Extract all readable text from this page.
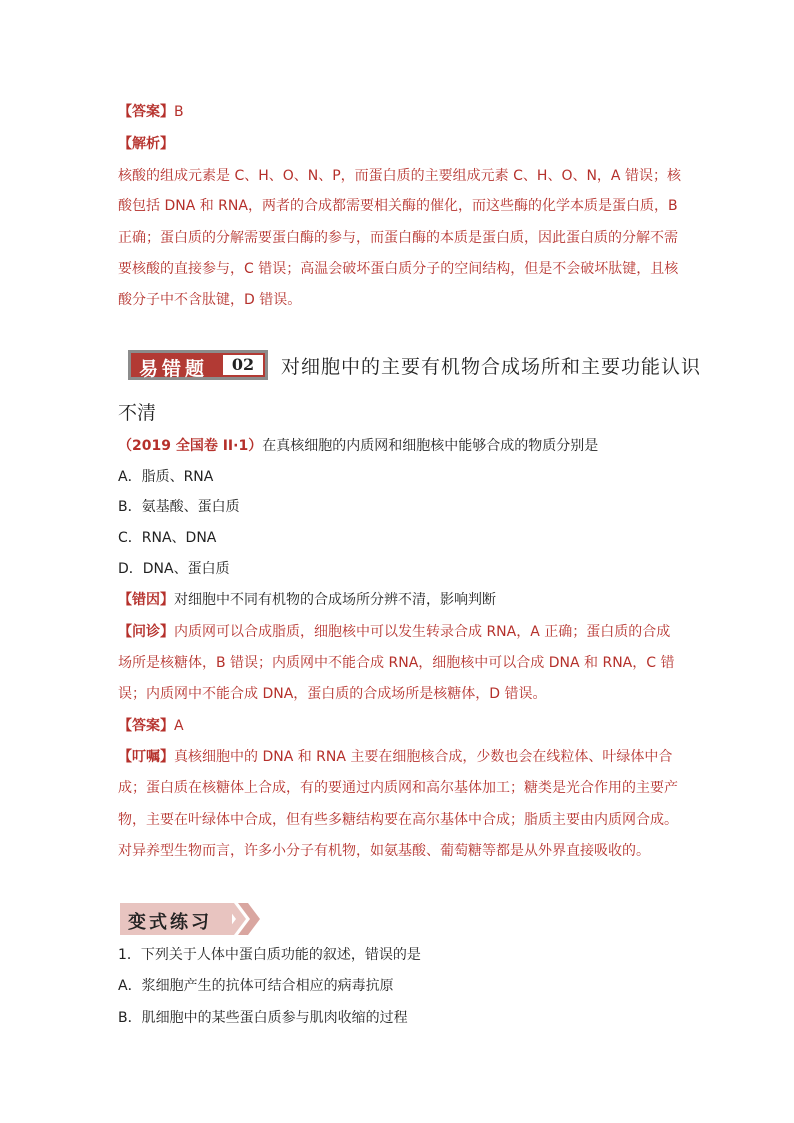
【答案】B
【解析】
核酸的组成元素是 C、H、O、N、P，而蛋白质的主要组成元素 C、H、O、N，A 错误；核
酸包括 DNA 和 RNA，两者的合成都需要相关酶的催化，而这些酶的化学本质是蛋白质，B
正确；蛋白质的分解需要蛋白酶的参与，而蛋白酶的本质是蛋白质，因此蛋白质的分解不需
要核酸的直接参与，C 错误；高温会破坏蛋白质分子的空间结构，但是不会破坏肽键，且核
酸分子中不含肽键，D 错误。
易错题	02	对细胞中的主要有机物合成场所和主要功能认识
不清
（2019 全国卷 II·1）在真核细胞的内质网和细胞核中能够合成的物质分别是
A．脂质、RNA
B．氨基酸、蛋白质
C．RNA、DNA
D．DNA、蛋白质
【错因】对细胞中不同有机物的合成场所分辨不清，影响判断
【问诊】内质网可以合成脂质，细胞核中可以发生转录合成 RNA，A 正确；蛋白质的合成
场所是核糖体，B 错误；内质网中不能合成 RNA，细胞核中可以合成 DNA 和 RNA，C 错
误；内质网中不能合成 DNA，蛋白质的合成场所是核糖体，D 错误。
【答案】A
【叮嘱】真核细胞中的 DNA 和 RNA 主要在细胞核合成，少数也会在线粒体、叶绿体中合
成；蛋白质在核糖体上合成，有的要通过内质网和高尔基体加工；糖类是光合作用的主要产
物，主要在叶绿体中合成，但有些多糖结构要在高尔基体中合成；脂质主要由内质网合成。
对异养型生物而言，许多小分子有机物，如氨基酸、葡萄糖等都是从外界直接吸收的。
变式练习
1．下列关于人体中蛋白质功能的叙述，错误的是
A．浆细胞产生的抗体可结合相应的病毒抗原
B．肌细胞中的某些蛋白质参与肌肉收缩的过程
